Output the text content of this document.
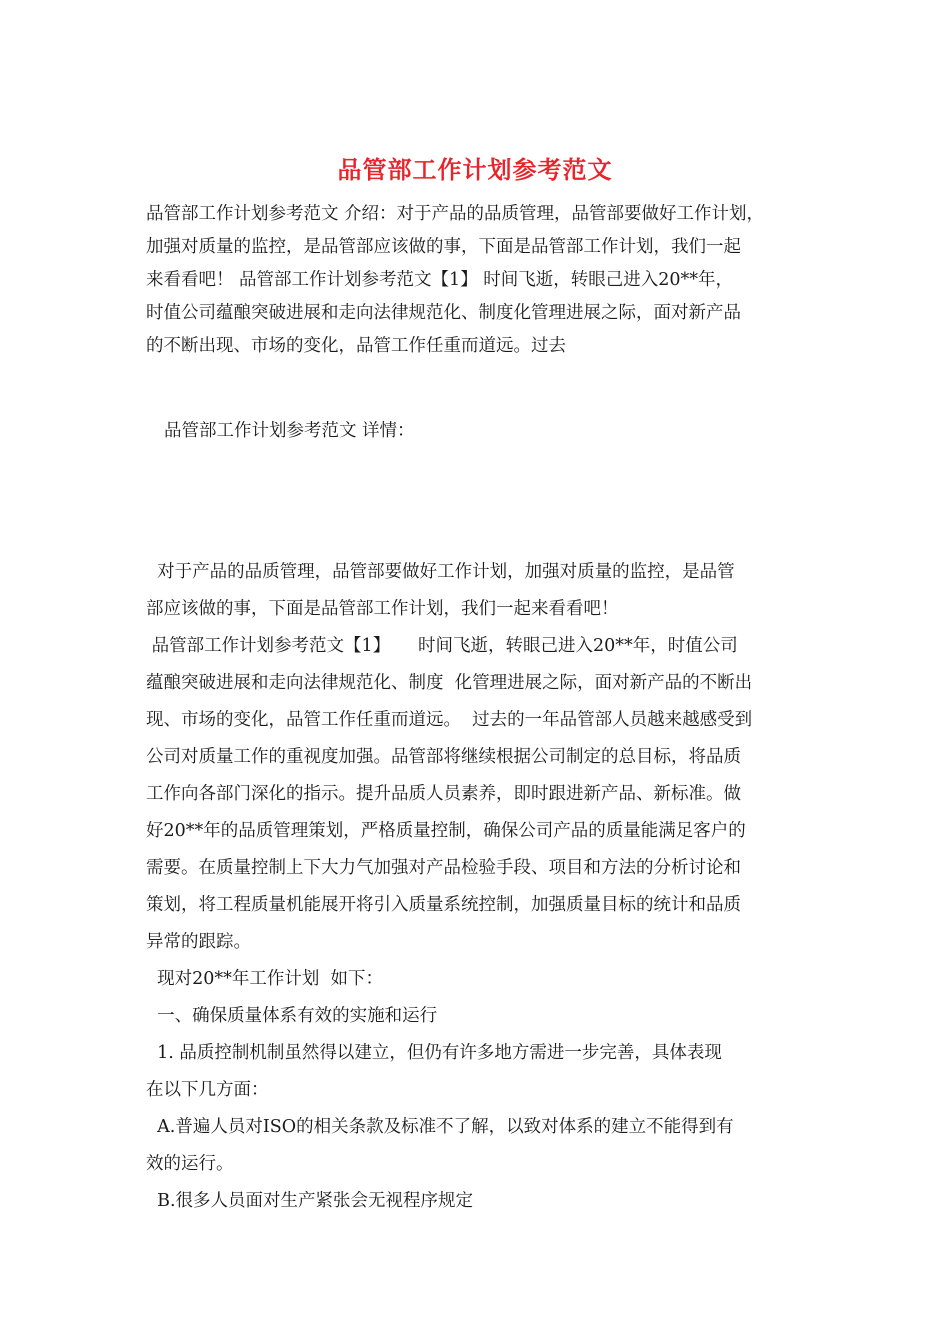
品管部工作计划参考范文
品管部工作计划参考范文 介绍：对于产品的品质管理，品管部要做好工作计划，
加强对质量的监控，是品管部应该做的事，下面是品管部工作计划，我们一起
来看看吧！ 品管部工作计划参考范文【1】 时间飞逝，转眼己进入20**年，
时值公司蕴酿突破进展和走向法律规范化、制度化管理进展之际，面对新产品
的不断出现、市场的变化，品管工作任重而道远。过去
品管部工作计划参考范文 详情：
对于产品的品质管理，品管部要做好工作计划，加强对质量的监控，是品管
部应该做的事，下面是品管部工作计划，我们一起来看看吧！
品管部工作计划参考范文【1】     时间飞逝，转眼己进入20**年，时值公司
蕴酿突破进展和走向法律规范化、制度  化管理进展之际，面对新产品的不断出
现、市场的变化，品管工作任重而道远。  过去的一年品管部人员越来越感受到
公司对质量工作的重视度加强。品管部将继续根据公司制定的总目标，将品质
工作向各部门深化的指示。提升品质人员素养，即时跟进新产品、新标准。做
好20**年的品质管理策划，严格质量控制，确保公司产品的质量能满足客户的
需要。在质量控制上下大力气加强对产品检验手段、项目和方法的分析讨论和
策划，将工程质量机能展开将引入质量系统控制，加强质量目标的统计和品质
异常的跟踪。
现对20**年工作计划  如下：
一、确保质量体系有效的实施和运行
1. 品质控制机制虽然得以建立，但仍有许多地方需进一步完善，具体表现
在以下几方面：
A.普遍人员对ISO的相关条款及标准不了解，以致对体系的建立不能得到有
效的运行。
B.很多人员面对生产紧张会无视程序规定
